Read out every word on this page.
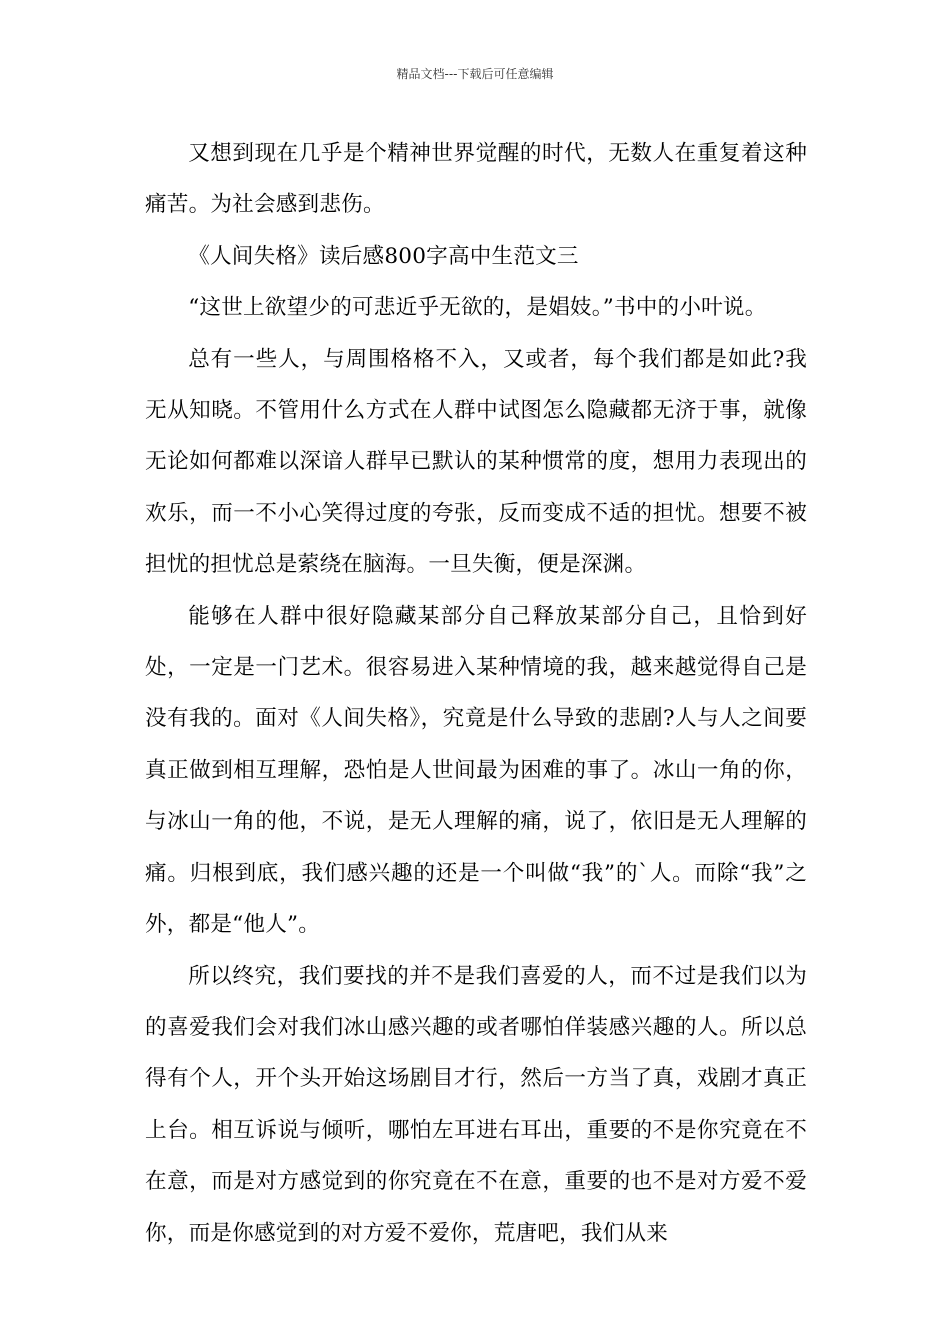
精品文档---下载后可任意编辑

又想到现在几乎是个精神世界觉醒的时代，无数人在重复着这种痛苦。为社会感到悲伤。

《人间失格》读后感800字高中生范文三

“这世上欲望少的可悲近乎无欲的，是娼妓。”书中的小叶说。

总有一些人，与周围格格不入，又或者，每个我们都是如此?我无从知晓。不管用什么方式在人群中试图怎么隐藏都无济于事，就像无论如何都难以深谙人群早已默认的某种惯常的度，想用力表现出的欢乐，而一不小心笑得过度的夸张，反而变成不适的担忧。想要不被担忧的担忧总是萦绕在脑海。一旦失衡，便是深渊。

能够在人群中很好隐藏某部分自己释放某部分自己，且恰到好处，一定是一门艺术。很容易进入某种情境的我，越来越觉得自己是没有我的。面对《人间失格》，究竟是什么导致的悲剧?人与人之间要真正做到相互理解，恐怕是人世间最为困难的事了。冰山一角的你，与冰山一角的他，不说，是无人理解的痛，说了，依旧是无人理解的痛。归根到底，我们感兴趣的还是一个叫做“我”的`人。而除“我”之外，都是“他人”。

所以终究，我们要找的并不是我们喜爱的人，而不过是我们以为的喜爱我们会对我们冰山感兴趣的或者哪怕佯装感兴趣的人。所以总得有个人，开个头开始这场剧目才行，然后一方当了真，戏剧才真正上台。相互诉说与倾听，哪怕左耳进右耳出，重要的不是你究竟在不在意，而是对方感觉到的你究竟在不在意，重要的也不是对方爱不爱你，而是你感觉到的对方爱不爱你，荒唐吧，我们从来
